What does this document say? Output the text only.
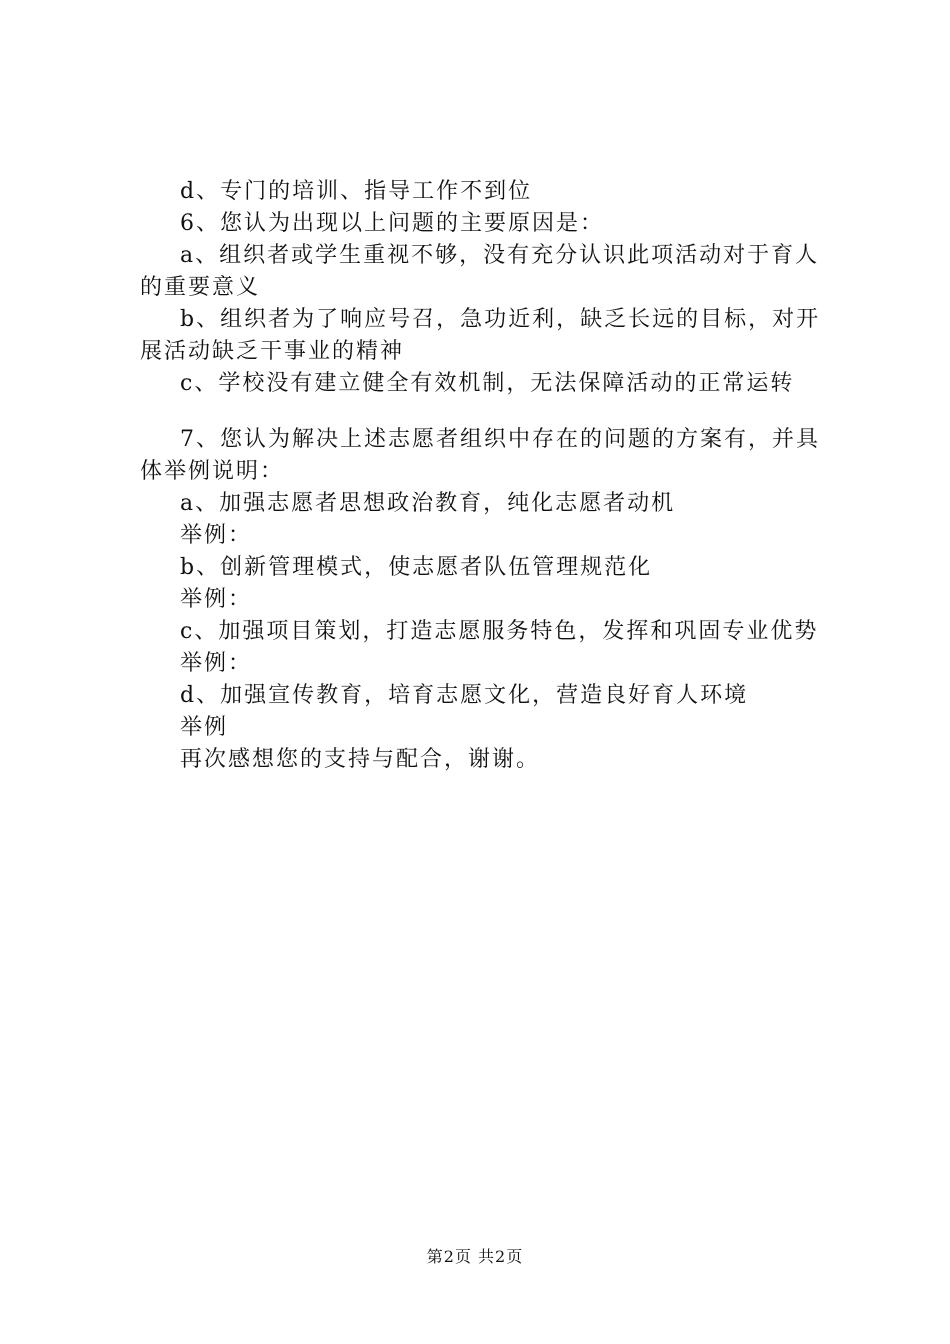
d、专门的培训、指导工作不到位

6、您认为出现以上问题的主要原因是：

a、组织者或学生重视不够，没有充分认识此项活动对于育人的重要意义

b、组织者为了响应号召，急功近利，缺乏长远的目标，对开展活动缺乏干事业的精神

c、学校没有建立健全有效机制，无法保障活动的正常运转

7、您认为解决上述志愿者组织中存在的问题的方案有，并具体举例说明：

a、加强志愿者思想政治教育，纯化志愿者动机

举例：

b、创新管理模式，使志愿者队伍管理规范化

举例：

c、加强项目策划，打造志愿服务特色，发挥和巩固专业优势

举例：

d、加强宣传教育，培育志愿文化，营造良好育人环境

举例

再次感想您的支持与配合，谢谢。

第2页 共2页
